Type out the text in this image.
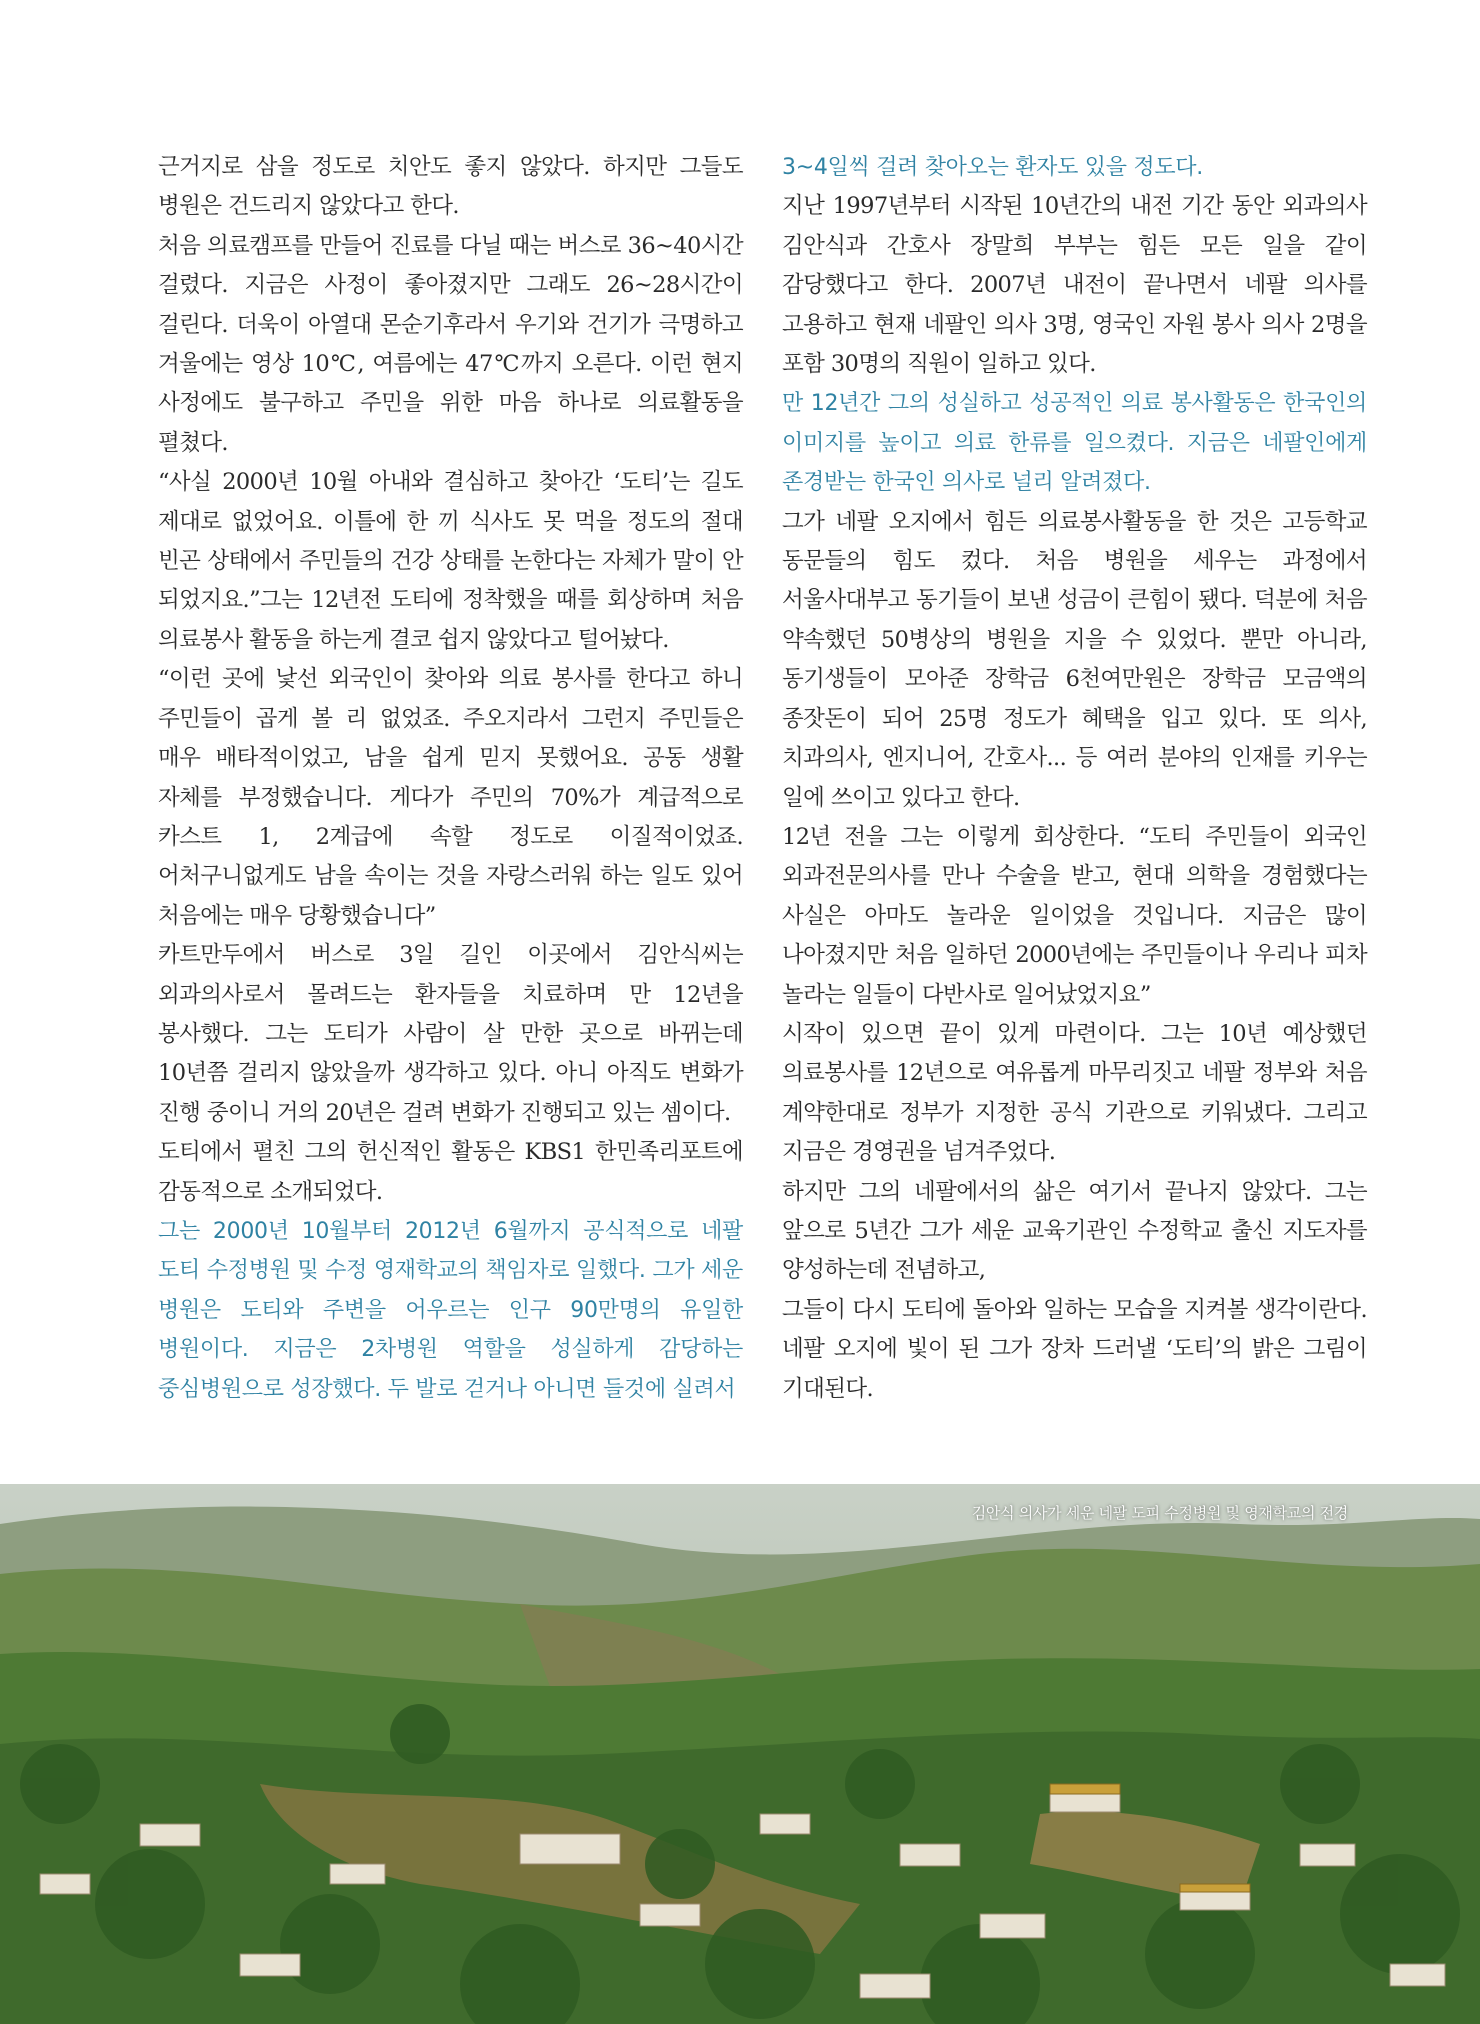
근거지로 삼을 정도로 치안도 좋지 않았다. 하지만 그들도 병원은 건드리지 않았다고 한다.

처음 의료캠프를 만들어 진료를 다닐 때는 버스로 36~40시간 걸렸다. 지금은 사정이 좋아졌지만 그래도 26~28시간이 걸린다. 더욱이 아열대 몬순기후라서 우기와 건기가 극명하고 겨울에는 영상 10℃, 여름에는 47℃까지 오른다. 이런 현지 사정에도 불구하고 주민을 위한 마음 하나로 의료활동을 펼쳤다.

“사실 2000년 10월 아내와 결심하고 찾아간 ‘도티’는 길도 제대로 없었어요. 이틀에 한 끼 식사도 못 먹을 정도의 절대 빈곤 상태에서 주민들의 건강 상태를 논한다는 자체가 말이 안 되었지요.”그는 12년전 도티에 정착했을 때를 회상하며 처음 의료봉사 활동을 하는게 결코 쉽지 않았다고 털어놨다.

“이런 곳에 낯선 외국인이 찾아와 의료 봉사를 한다고 하니 주민들이 곱게 볼 리 없었죠. 주오지라서 그런지 주민들은 매우 배타적이었고, 남을 쉽게 믿지 못했어요. 공동 생활 자체를 부정했습니다. 게다가 주민의 70%가 계급적으로 카스트 1, 2계급에 속할 정도로 이질적이었죠. 어처구니없게도 남을 속이는 것을 자랑스러워 하는 일도 있어 처음에는 매우 당황했습니다”

카트만두에서 버스로 3일 길인 이곳에서 김안식씨는 외과의사로서 몰려드는 환자들을 치료하며 만 12년을 봉사했다. 그는 도티가 사람이 살 만한 곳으로 바뀌는데 10년쯤 걸리지 않았을까 생각하고 있다. 아니 아직도 변화가 진행 중이니 거의 20년은 걸려 변화가 진행되고 있는 셈이다.

도티에서 펼친 그의 헌신적인 활동은 KBS1 한민족리포트에 감동적으로 소개되었다.

그는 2000년 10월부터 2012년 6월까지 공식적으로 네팔 도티 수정병원 및 수정 영재학교의 책임자로 일했다. 그가 세운 병원은 도티와 주변을 어우르는 인구 90만명의 유일한 병원이다. 지금은 2차병원 역할을 성실하게 감당하는 중심병원으로 성장했다. 두 발로 걷거나 아니면 들것에 실려서

3~4일씩 걸려 찾아오는 환자도 있을 정도다.

지난 1997년부터 시작된 10년간의 내전 기간 동안 외과의사 김안식과 간호사 장말희 부부는 힘든 모든 일을 같이 감당했다고 한다. 2007년 내전이 끝나면서 네팔 의사를 고용하고 현재 네팔인 의사 3명, 영국인 자원 봉사 의사 2명을 포함 30명의 직원이 일하고 있다.

만 12년간 그의 성실하고 성공적인 의료 봉사활동은 한국인의 이미지를 높이고 의료 한류를 일으켰다. 지금은 네팔인에게 존경받는 한국인 의사로 널리 알려졌다.

그가 네팔 오지에서 힘든 의료봉사활동을 한 것은 고등학교 동문들의 힘도 컸다. 처음 병원을 세우는 과정에서 서울사대부고 동기들이 보낸 성금이 큰힘이 됐다. 덕분에 처음 약속했던 50병상의 병원을 지을 수 있었다. 뿐만 아니라, 동기생들이 모아준 장학금 6천여만원은 장학금 모금액의 종잣돈이 되어 25명 정도가 혜택을 입고 있다. 또 의사, 치과의사, 엔지니어, 간호사... 등 여러 분야의 인재를 키우는 일에 쓰이고 있다고 한다.

12년 전을 그는 이렇게 회상한다. “도티 주민들이 외국인 외과전문의사를 만나 수술을 받고, 현대 의학을 경험했다는 사실은 아마도 놀라운 일이었을 것입니다. 지금은 많이 나아졌지만 처음 일하던 2000년에는 주민들이나 우리나 피차 놀라는 일들이 다반사로 일어났었지요”

시작이 있으면 끝이 있게 마련이다. 그는 10년 예상했던 의료봉사를 12년으로 여유롭게 마무리짓고 네팔 정부와 처음 계약한대로 정부가 지정한 공식 기관으로 키워냈다. 그리고 지금은 경영권을 넘겨주었다.

하지만 그의 네팔에서의 삶은 여기서 끝나지 않았다. 그는 앞으로 5년간 그가 세운 교육기관인 수정학교 출신 지도자를 양성하는데 전념하고,

그들이 다시 도티에 돌아와 일하는 모습을 지켜볼 생각이란다. 네팔 오지에 빛이 된 그가 장차 드러낼 ‘도티’의 밝은 그림이 기대된다.

김안식 의사가 세운 네팔 도피 수정병원 및 영재학교의 전경
